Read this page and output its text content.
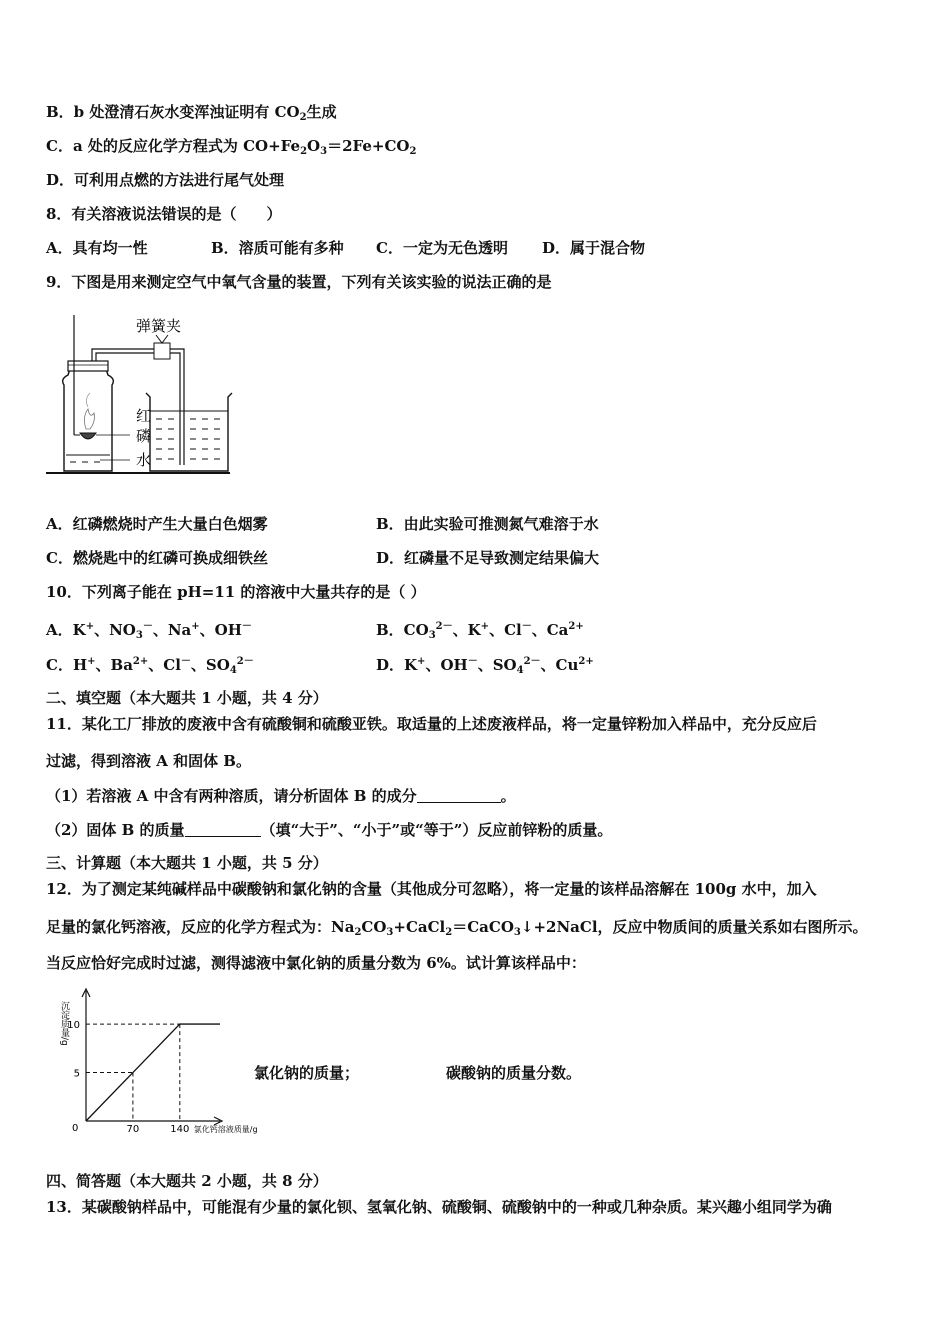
B．b 处澄清石灰水变浑浊证明有 $CO_2$生成
C．a 处的反应化学方程式为 $CO+Fe_2O_3=2Fe+CO_2$
D．可利用点燃的方法进行尾气处理
8．有关溶液说法错误的是（　　）
A．具有均一性	B．溶质可能有多种 C．一定为无色透明 D．属于混合物
9．下图是用来测定空气中氧气含量的装置，下列有关该实验的说法正确的是
弹簧夹
红
磷
水
A．红磷燃烧时产生大量白色烟雾	B．由此实验可推测氮气难溶于水
C．燃烧匙中的红磷可换成细铁丝	D．红磷量不足导致测定结果偏大
10．下列离子能在 pH=11 的溶液中大量共存的是（ ）
A．K+、$NO_3^-$、Na+、OH－	B．$CO_3^{2-}$、K+、Cl－、$Ca^{2+}$
C．H+、$Ba^{2+}$、Cl－、$SO_4^{2-}$	D．K+、OH－、$SO_4^{2-}$、$Cu^{2+}$
二、填空题（本大题共 1 小题，共 4 分）
11．某化工厂排放的废液中含有硫酸铜和硫酸亚铁。取适量的上述废液样品，将一定量锌粉加入样品中，充分反应后
过滤，得到溶液 A 和固体 B。
（1）若溶液 A 中含有两种溶质，请分析固体 B 的成分	。
（2）固体 B 的质量	（填“大于”、“小于”或“等于”）反应前锌粉的质量。
三、计算题（本大题共 1 小题，共 5 分）
12．为了测定某纯碱样品中碳酸钠和氯化钠的含量（其他成分可忽略），将一定量的该样品溶解在 100g 水中，加入
足量的氯化钙溶液，反应的化学方程式为：$Na_2CO_3+CaCl_2=CaCO_3↓+2NaCl$，反应中物质间的质量关系如右图所示。
当反应恰好完成时过滤，测得滤液中氯化钠的质量分数为 6%。试计算该样品中：
沉淀质量/g
0	70
5
140
10
氯化钙溶液质量/g
氯化钠的质量；	碳酸钠的质量分数。
四、简答题（本大题共 2 小题，共 8 分）
13．某碳酸钠样品中，可能混有少量的氯化钡、氢氧化钠、硫酸铜、硫酸钠中的一种或几种杂质。某兴趣小组同学为确
